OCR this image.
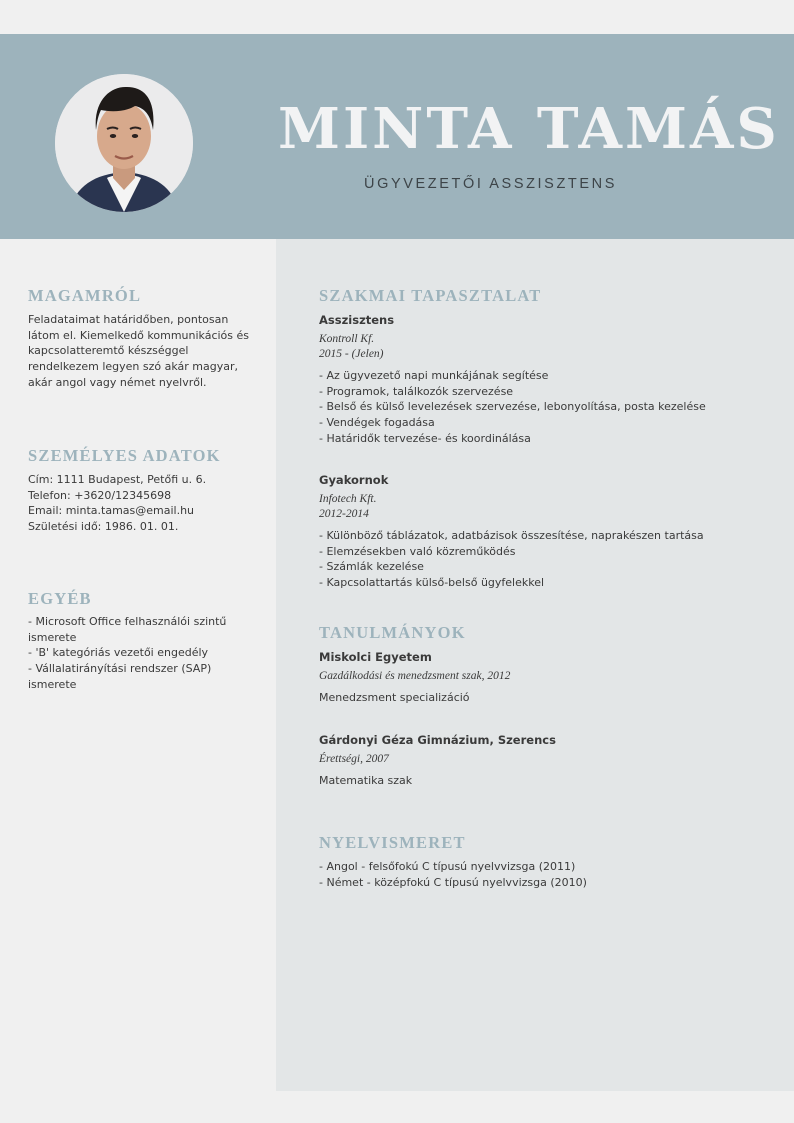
MINTA TAMÁS
ÜGYVEZETŐI ASSZISZTENS
MAGAMRÓL
Feladataimat határidőben, pontosan
látom el. Kiemelkedő kommunikációs és
kapcsolatteremtő készséggel
rendelkezem legyen szó akár magyar,
akár angol vagy német nyelvről.
SZEMÉLYES ADATOK
Cím: 1111 Budapest, Petőfi u. 6.
Telefon: +3620/12345698
Email: minta.tamas@email.hu
Születési idő: 1986. 01. 01.
EGYÉB
- Microsoft Office felhasználói szintű
ismerete
- 'B' kategóriás vezetői engedély
- Vállalatirányítási rendszer (SAP)
ismerete
SZAKMAI TAPASZTALAT
Asszisztens
Kontroll Kf.
2015 - (Jelen)
- Az ügyvezető napi munkájának segítése
- Programok, találkozók szervezése
- Belső és külső levelezések szervezése, lebonyolítása, posta kezelése
- Vendégek fogadása
- Határidők tervezése- és koordinálása
Gyakornok
Infotech Kft.
2012-2014
- Különböző táblázatok, adatbázisok összesítése, naprakészen tartása
- Elemzésekben való közreműködés
- Számlák kezelése
- Kapcsolattartás külső-belső ügyfelekkel
TANULMÁNYOK
Miskolci Egyetem
Gazdálkodási és menedzsment szak, 2012
Menedzsment specializáció
Gárdonyi Géza Gimnázium, Szerencs
Érettségi, 2007
Matematika szak
NYELVISMERET
- Angol - felsőfokú C típusú nyelvvizsga (2011)
- Német - középfokú C típusú nyelvvizsga (2010)
